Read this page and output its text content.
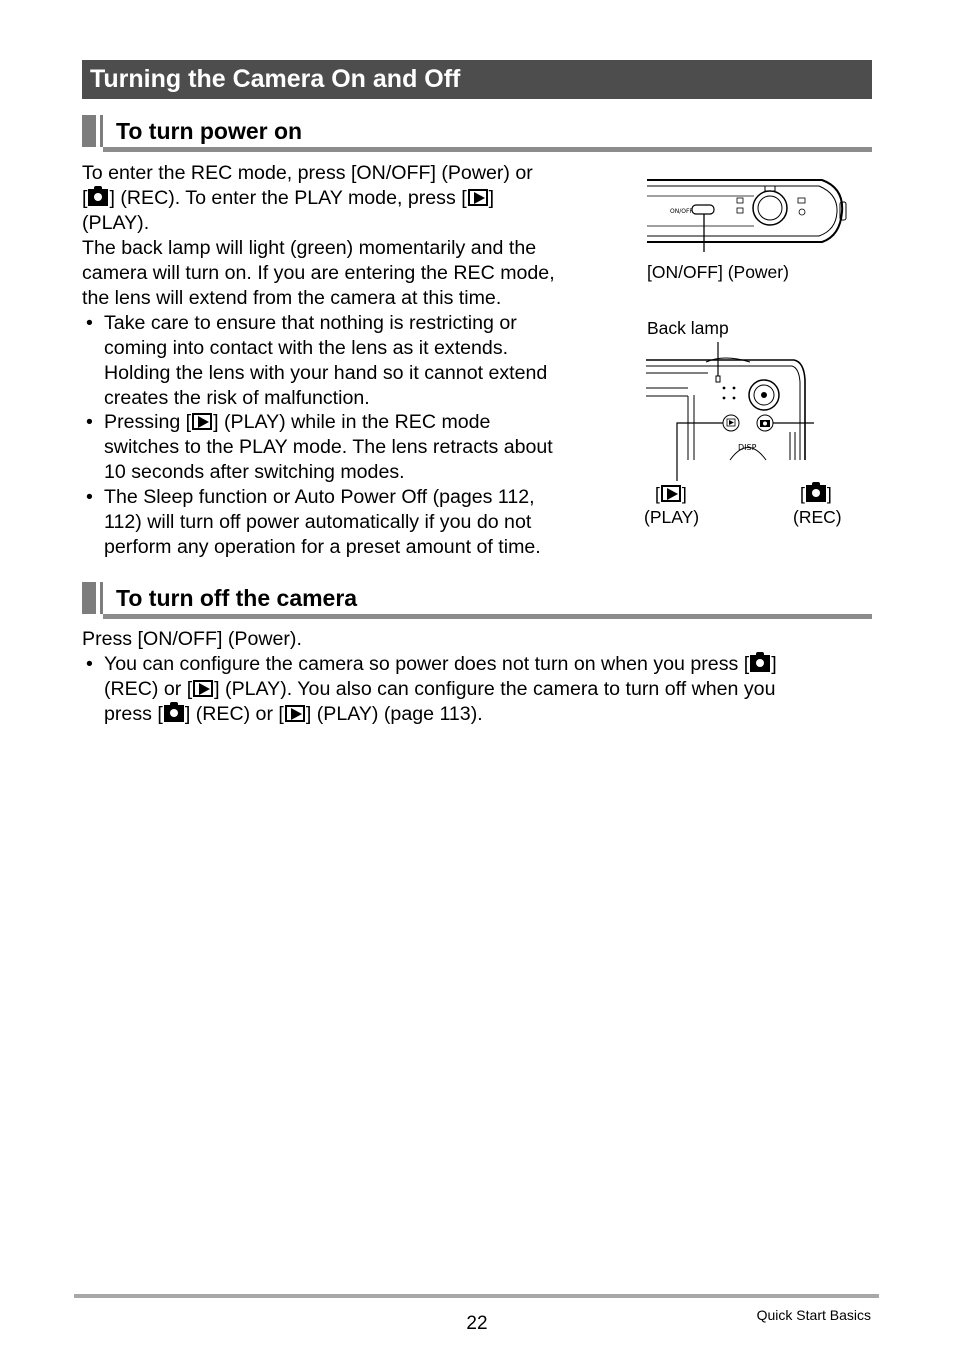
Turning the Camera On and Off
To turn power on
To enter the REC mode, press [ON/OFF] (Power) or
[ ] (REC). To enter the PLAY mode, press [ ]
(PLAY).
The back lamp will light (green) momentarily and the
camera will turn on. If you are entering the REC mode,
the lens will extend from the camera at this time.
• Take care to ensure that nothing is restricting or
coming into contact with the lens as it extends.
Holding the lens with your hand so it cannot extend
creates the risk of malfunction.
• Pressing [ ] (PLAY) while in the REC mode
switches to the PLAY mode. The lens retracts about
10 seconds after switching modes.
• The Sleep function or Auto Power Off (pages 112,
112) will turn off power automatically if you do not
perform any operation for a preset amount of time.
ON/OFF
[ON/OFF] (Power)
Back lamp
DISP
[ ]
(PLAY)
[ ]
(REC)
To turn off the camera
Press [ON/OFF] (Power).
• You can configure the camera so power does not turn on when you press [ ]
(REC) or [ ] (PLAY). You also can configure the camera to turn off when you
press [ ] (REC) or [ ] (PLAY) (page 113).
22	Quick Start Basics
